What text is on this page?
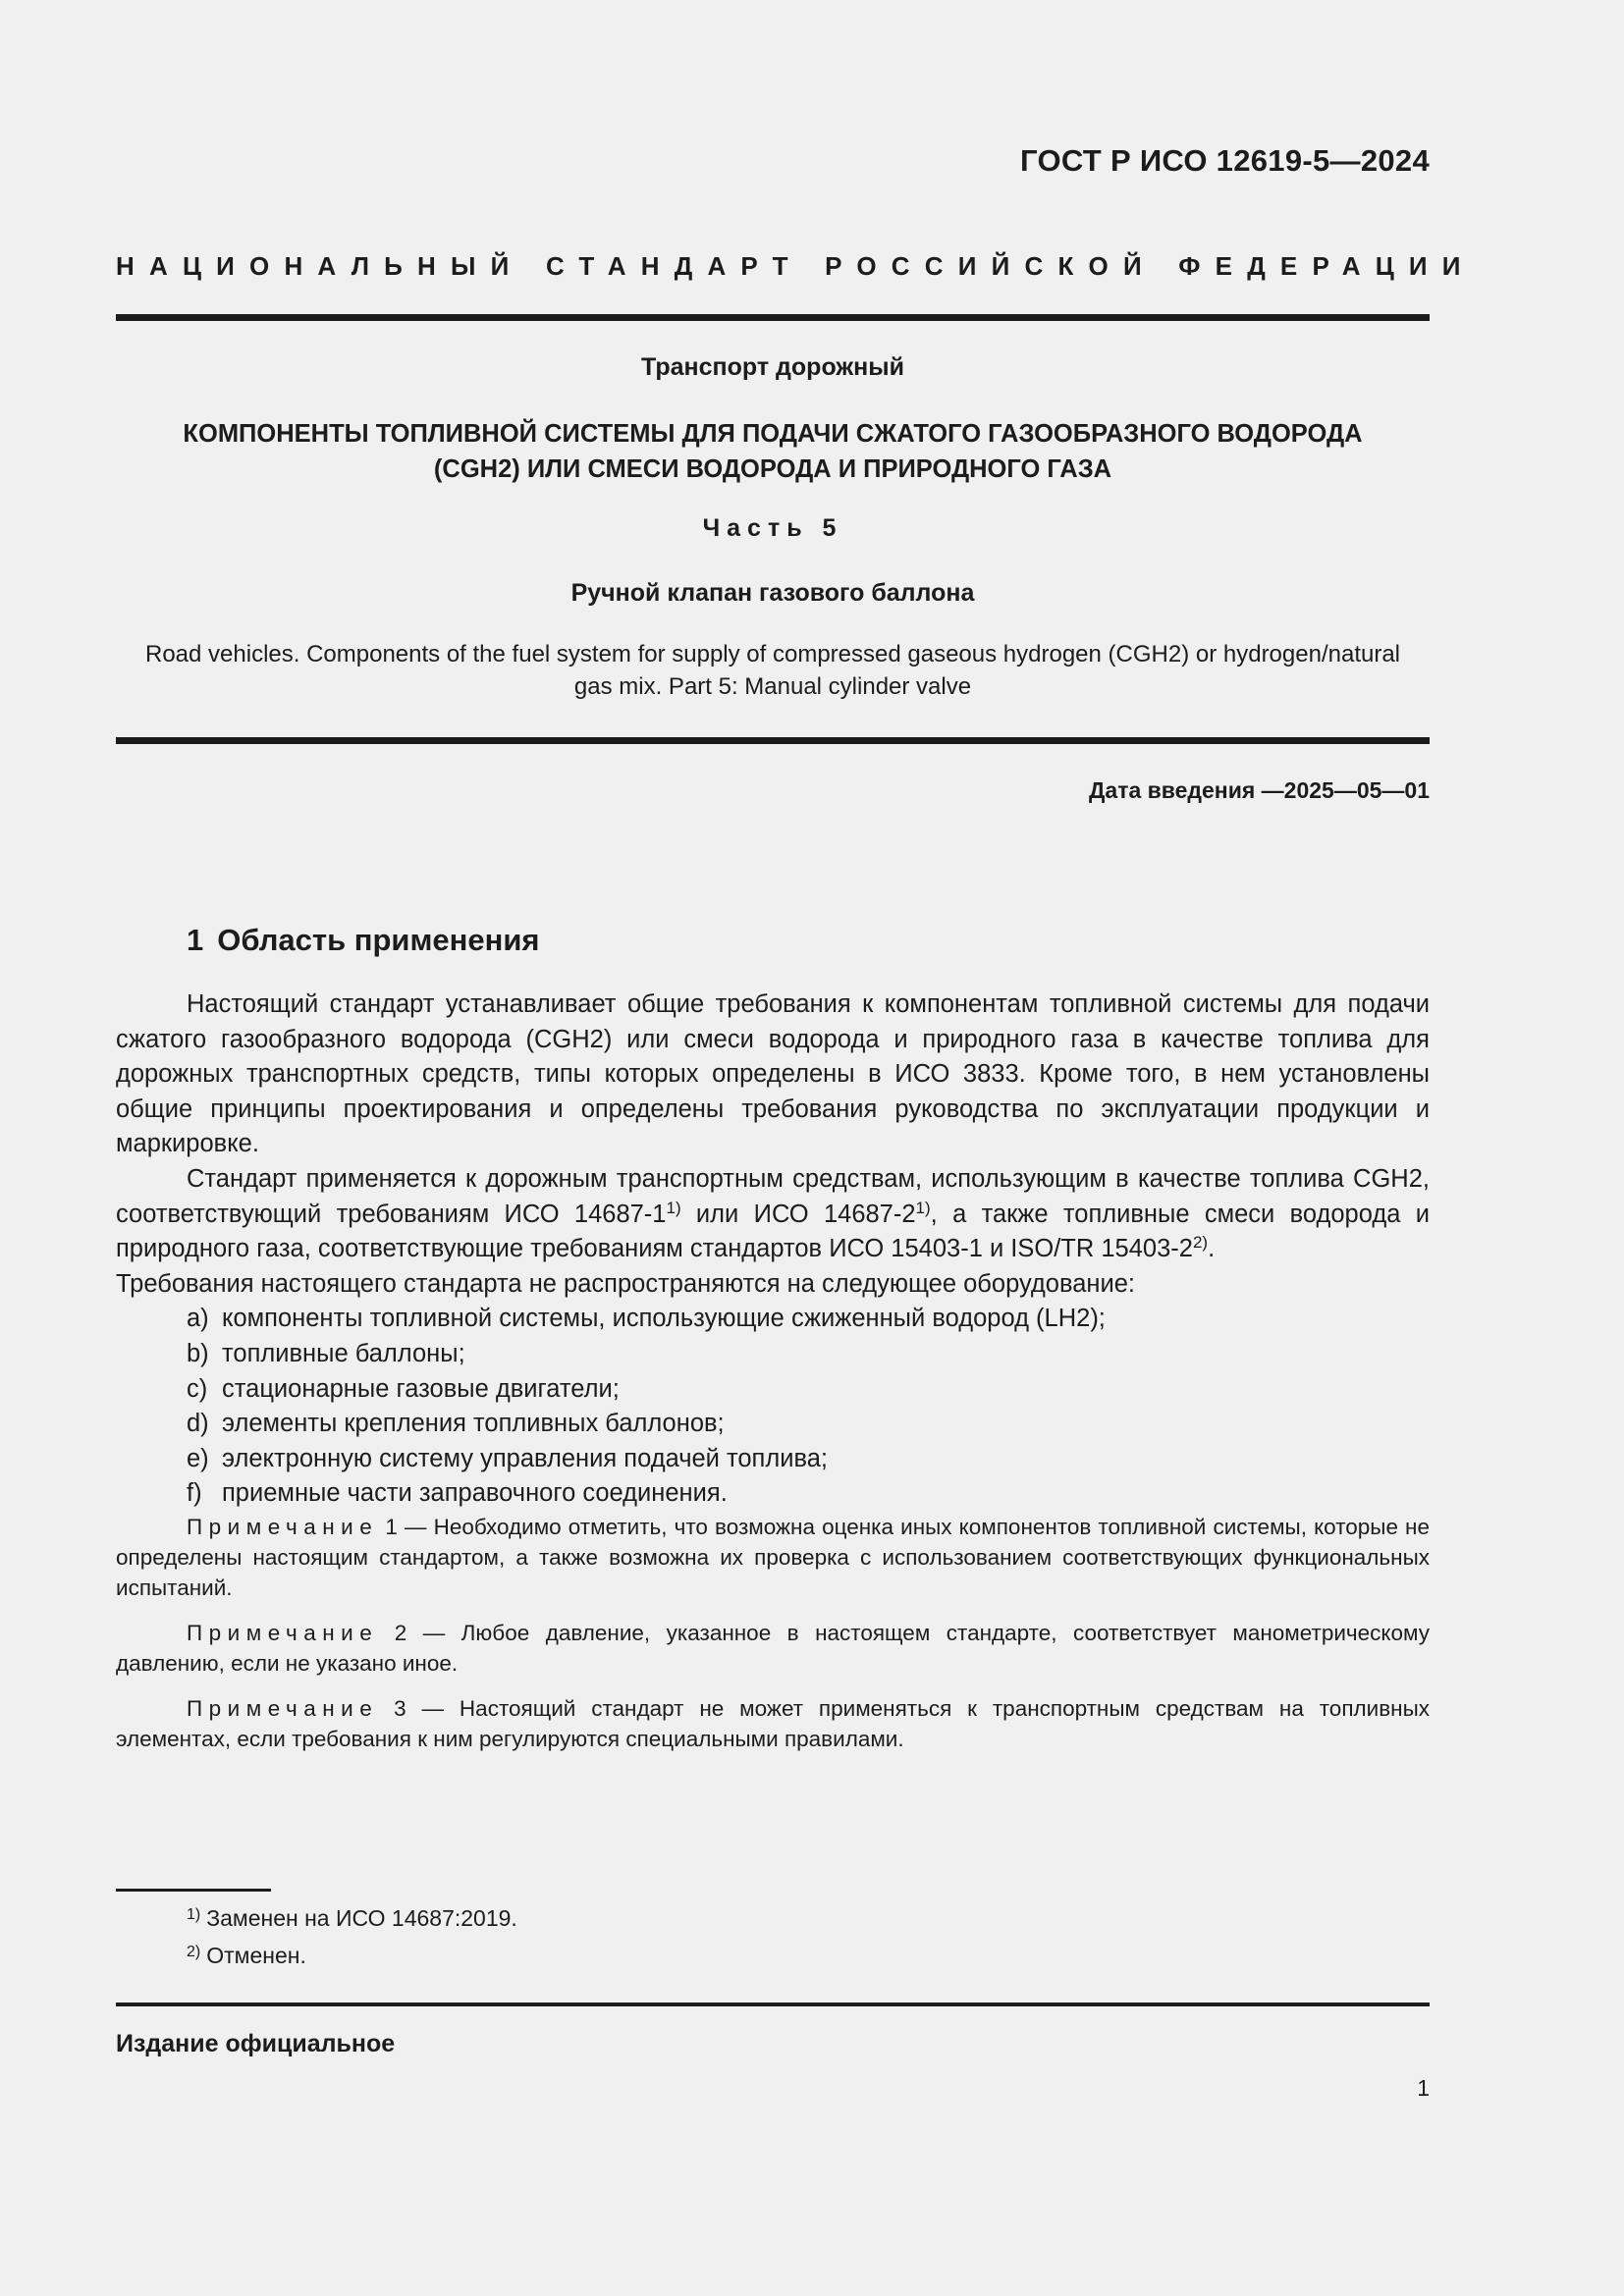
ГОСТ Р ИСО 12619-5—2024
НАЦИОНАЛЬНЫЙ СТАНДАРТ РОССИЙСКОЙ ФЕДЕРАЦИИ
Транспорт дорожный
КОМПОНЕНТЫ ТОПЛИВНОЙ СИСТЕМЫ ДЛЯ ПОДАЧИ СЖАТОГО ГАЗООБРАЗНОГО ВОДОРОДА
(CGH2) ИЛИ СМЕСИ ВОДОРОДА И ПРИРОДНОГО ГАЗА
Часть 5
Ручной клапан газового баллона
Road vehicles. Components of the fuel system for supply of compressed gaseous hydrogen (CGH2) or hydrogen/natural
gas mix. Part 5: Manual cylinder valve
Дата введения —2025—05—01
1 Область применения

Настоящий стандарт устанавливает общие требования к компонентам топливной системы для подачи сжатого газообразного водорода (CGH2) или смеси водорода и природного газа в качестве топлива для дорожных транспортных средств, типы которых определены в ИСО 3833. Кроме того, в нем установлены общие принципы проектирования и определены требования руководства по эксплуатации продукции и маркировке.

Стандарт применяется к дорожным транспортным средствам, использующим в качестве топлива CGH2, соответствующий требованиям ИСО 14687-1$^{1)}$ или ИСО 14687-2$^{1)}$, а также топливные смеси водорода и природного газа, соответствующие требованиям стандартов ИСО 15403-1 и ISO/TR 15403-2$^{2)}$.

Требования настоящего стандарта не распространяются на следующее оборудование:

a) компоненты топливной системы, использующие сжиженный водород (LH2);
b) топливные баллоны;
c) стационарные газовые двигатели;
d) элементы крепления топливных баллонов;
e) электронную систему управления подачей топлива;
f) приемные части заправочного соединения.

Примечание 1 — Необходимо отметить, что возможна оценка иных компонентов топливной системы, которые не определены настоящим стандартом, а также возможна их проверка с использованием соответствующих функциональных испытаний.

Примечание 2 — Любое давление, указанное в настоящем стандарте, соответствует манометрическому давлению, если не указано иное.

Примечание 3 — Настоящий стандарт не может применяться к транспортным средствам на топливных элементах, если требования к ним регулируются специальными правилами.

$^{1)}$ Заменен на ИСО 14687:2019.
$^{2)}$ Отменен.
Издание официальное
1
